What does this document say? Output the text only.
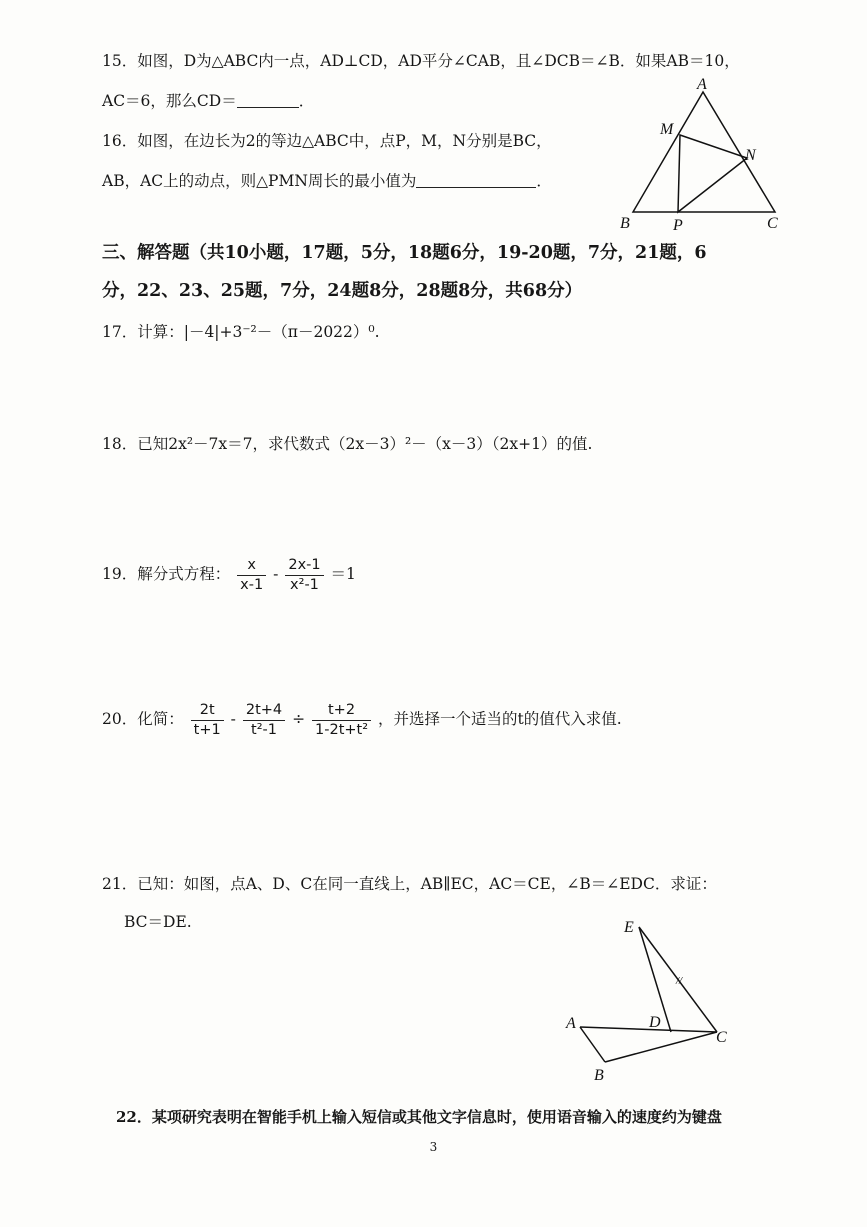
15．如图，D为△ABC内一点，AD⊥CD，AD平分∠CAB，且∠DCB＝∠B．如果AB＝10，
AC＝6，那么CD＝	．
16．如图，在边长为2的等边△ABC中，点P，M，N分别是BC，
AB，AC上的动点，则△PMN周长的最小值为	．
A
B	C
M
N
P
三、解答题（共10小题，17题，5分，18题6分，19-20题，7分，21题，6
分，22、23、25题，7分，24题8分，28题8分，共68分）
17．计算：|－4|+3⁻²－（π－2022）⁰.
18．已知2x²－7x＝7，求代数式（2x－3）²－（x－3）（2x+1）的值.
19．解分式方程： $\frac{x}{x-1} - \frac{2x-1}{\text{x²-1}} =1$
20．化简： $\frac{2t}{t+1} - \frac{2t+4}{\text{t²-1}} \div \frac{t+2}{\text{1-2t+t²}}$ ，并选择一个适当的t的值代入求值.
21．已知：如图，点A、D、C在同一直线上，AB∥EC，AC＝CE，∠B＝∠EDC．求证：
BC＝DE.	E
A	D
C
B
//
22．某项研究表明在智能手机上输入短信或其他文字信息时，使用语音输入的速度约为键盘
3
